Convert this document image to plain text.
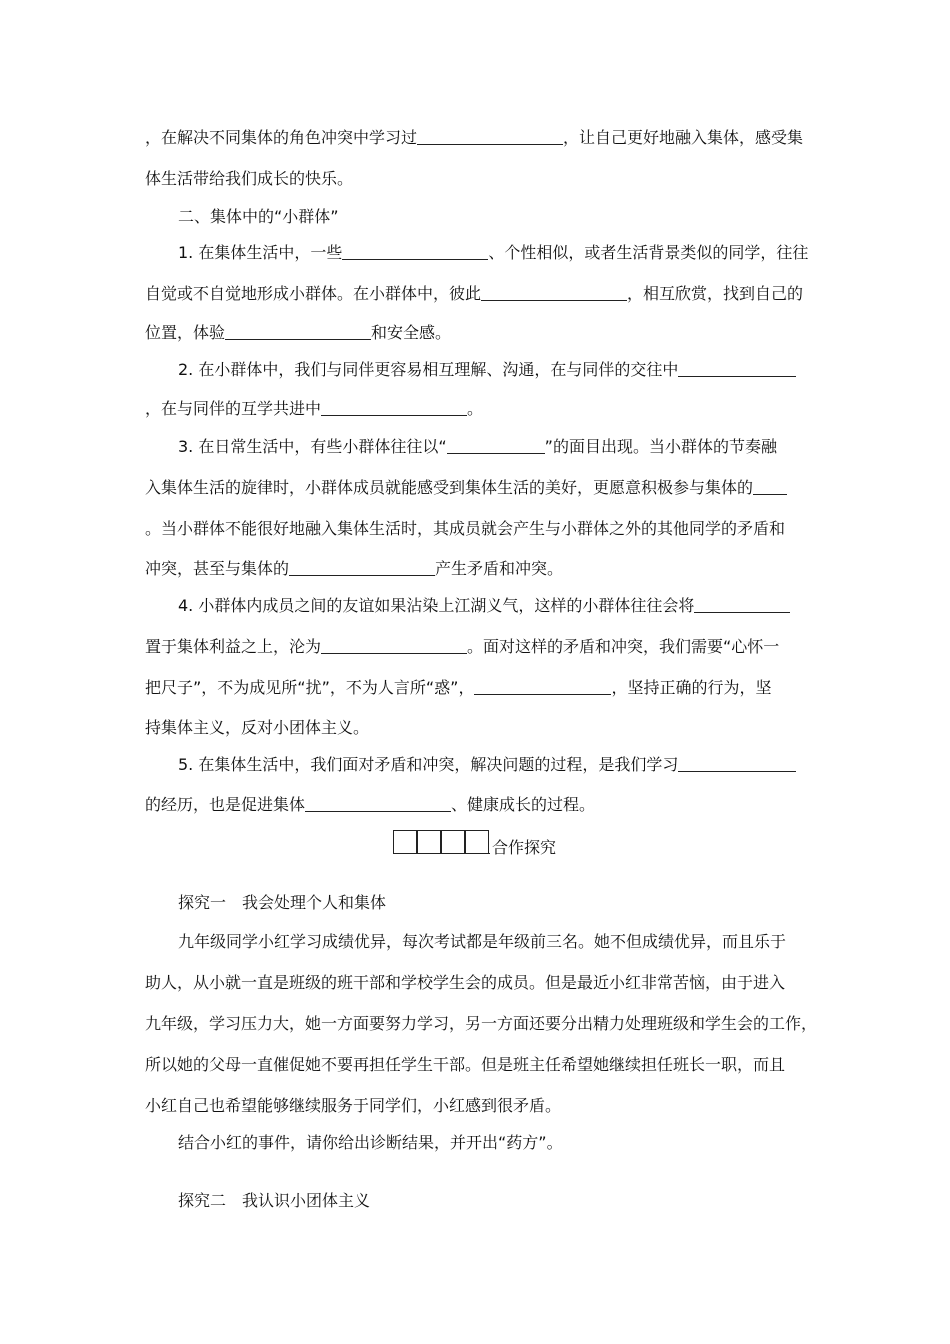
，在解决不同集体的角色冲突中学习过	，让自己更好地融入集体，感受集

体生活带给我们成长的快乐。

二、集体中的“小群体”

1. 在集体生活中，一些	、个性相似，或者生活背景类似的同学，往往

自觉或不自觉地形成小群体。在小群体中，彼此	，相互欣赏，找到自己的

位置，体验	和安全感。

2. 在小群体中，我们与同伴更容易相互理解、沟通，在与同伴的交往中

，在与同伴的互学共进中	。

3. 在日常生活中，有些小群体往往以“	”的面目出现。当小群体的节奏融

入集体生活的旋律时，小群体成员就能感受到集体生活的美好，更愿意积极参与集体的

。当小群体不能很好地融入集体生活时，其成员就会产生与小群体之外的其他同学的矛盾和

冲突，甚至与集体的	产生矛盾和冲突。

4. 小群体内成员之间的友谊如果沾染上江湖义气，这样的小群体往往会将

置于集体利益之上，沦为	。面对这样的矛盾和冲突，我们需要“心怀一

把尺子”，不为成见所“扰”，不为人言所“惑”，	，坚持正确的行为，坚

持集体主义，反对小团体主义。

5. 在集体生活中，我们面对矛盾和冲突，解决问题的过程，是我们学习

的经历，也是促进集体	、健康成长的过程。

合作探究

探究一　我会处理个人和集体

九年级同学小红学习成绩优异，每次考试都是年级前三名。她不但成绩优异，而且乐于

助人，从小就一直是班级的班干部和学校学生会的成员。但是最近小红非常苦恼，由于进入

九年级，学习压力大，她一方面要努力学习，另一方面还要分出精力处理班级和学生会的工作，

所以她的父母一直催促她不要再担任学生干部。但是班主任希望她继续担任班长一职，而且

小红自己也希望能够继续服务于同学们，小红感到很矛盾。

结合小红的事件，请你给出诊断结果，并开出“药方”。

探究二　我认识小团体主义
